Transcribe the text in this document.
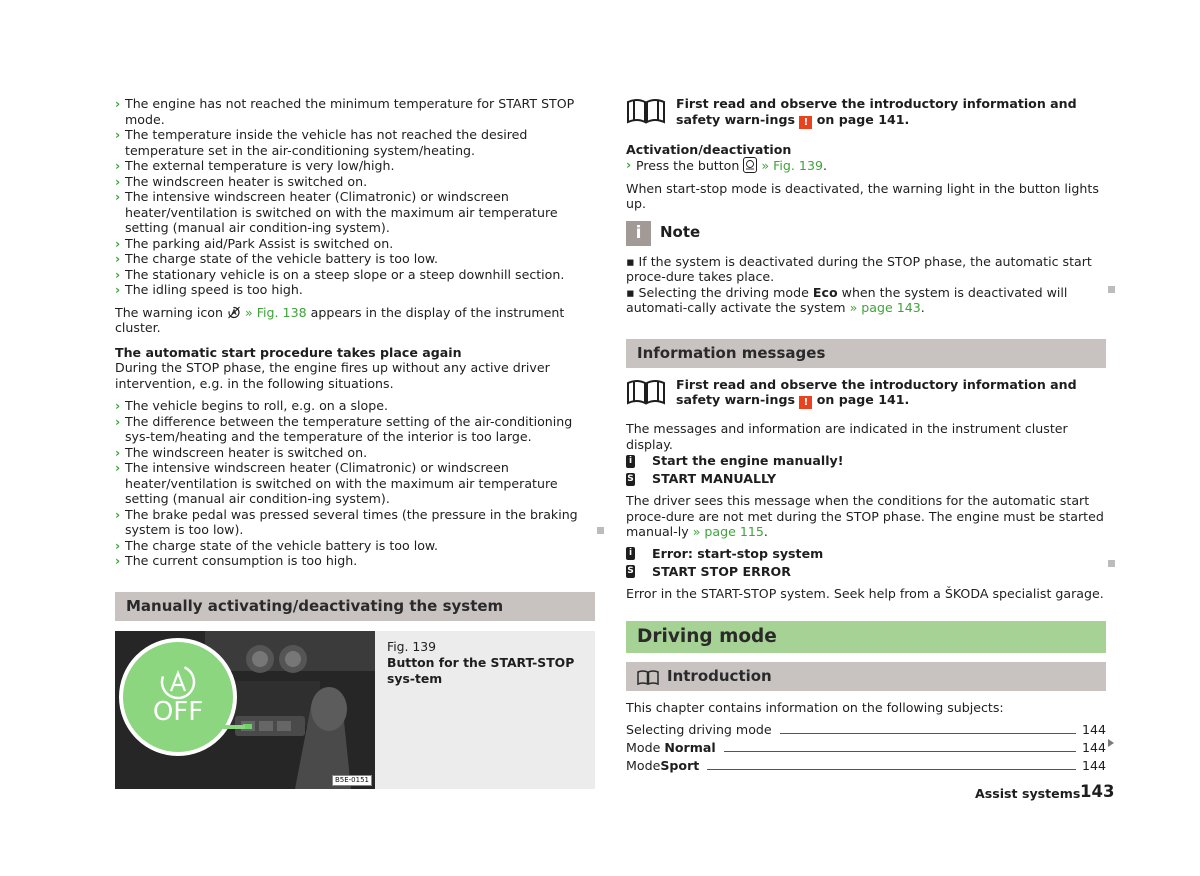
› The engine has not reached the minimum temperature for START STOP mode.
› The temperature inside the vehicle has not reached the desired temperature set in the air-conditioning system/heating.
› The external temperature is very low/high.
› The windscreen heater is switched on.
› The intensive windscreen heater (Climatronic) or windscreen heater/ventilation is switched on with the maximum air temperature setting (manual air condition-ing system).
› The parking aid/Park Assist is switched on.
› The charge state of the vehicle battery is too low.
› The stationary vehicle is on a steep slope or a steep downhill section.
› The idling speed is too high.

The warning icon » Fig. 138 appears in the display of the instrument cluster.

The automatic start procedure takes place again

During the STOP phase, the engine fires up without any active driver intervention, e.g. in the following situations.

› The vehicle begins to roll, e.g. on a slope.
› The difference between the temperature setting of the air-conditioning sys-tem/heating and the temperature of the interior is too large.
› The windscreen heater is switched on.
› The intensive windscreen heater (Climatronic) or windscreen heater/ventilation is switched on with the maximum air temperature setting (manual air condition-ing system).
› The brake pedal was pressed several times (the pressure in the braking system is too low).
› The charge state of the vehicle battery is too low.
› The current consumption is too high.
Manually activating/deactivating the system
OFF
B5E-0151
Fig. 139
Button for the START-STOP sys-tem

First read and observe the introductory information and safety warn-ings ! on page 141.

Activation/deactivation

› Press the button » Fig. 139.

When start-stop mode is deactivated, the warning light in the button lights up.

i	Note

▪ If the system is deactivated during the STOP phase, the automatic start proce-dure takes place.

▪ Selecting the driving mode Eco when the system is deactivated will automati-cally activate the system » page 143.

Information messages

First read and observe the introductory information and safety warn-ings ! on page 141.

The messages and information are indicated in the instrument cluster display.

i Start the engine manually!
S START MANUALLY

The driver sees this message when the conditions for the automatic start proce-dure are not met during the STOP phase. The engine must be started manual-ly » page 115.

i Error: start-stop system
S START STOP ERROR

Error in the START-STOP system. Seek help from a ŠKODA specialist garage.

Driving mode
Introduction

This chapter contains information on the following subjects:

Selecting driving mode	144
Mode Normal	144
ModeSport	144
Assist systems 143
